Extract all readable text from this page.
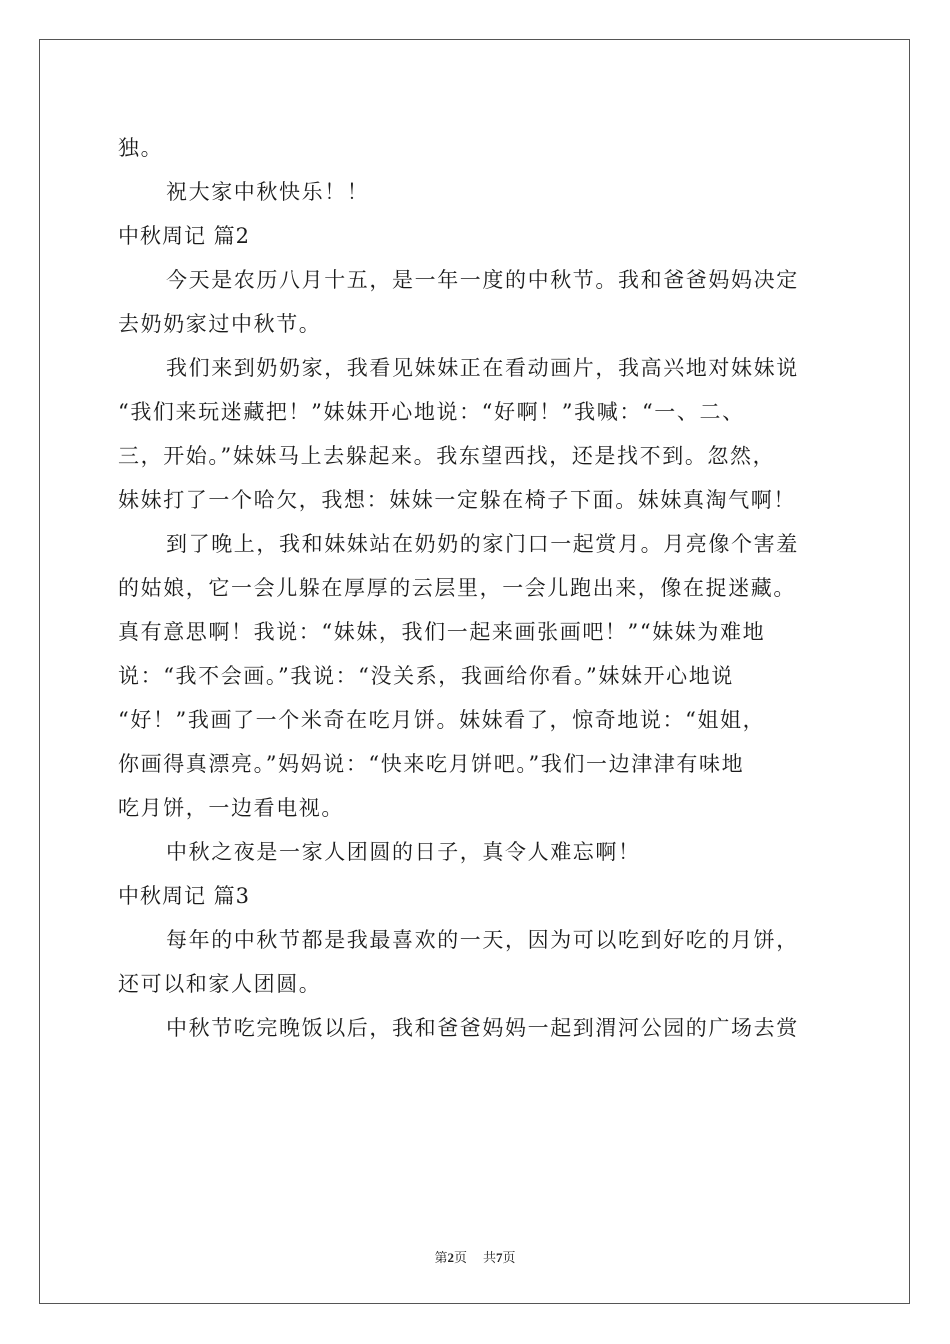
独。
祝大家中秋快乐！！
中秋周记 篇2
今天是农历八月十五，是一年一度的中秋节。我和爸爸妈妈决定
去奶奶家过中秋节。
我们来到奶奶家，我看见妹妹正在看动画片，我高兴地对妹妹说
“我们来玩迷藏把！”妹妹开心地说：“好啊！”我喊：“一、二、
三，开始。”妹妹马上去躲起来。我东望西找，还是找不到。忽然，
妹妹打了一个哈欠，我想：妹妹一定躲在椅子下面。妹妹真淘气啊！
到了晚上，我和妹妹站在奶奶的家门口一起赏月。月亮像个害羞
的姑娘，它一会儿躲在厚厚的云层里，一会儿跑出来，像在捉迷藏。
真有意思啊！我说：“妹妹，我们一起来画张画吧！”“妹妹为难地
说：“我不会画。”我说：“没关系，我画给你看。”妹妹开心地说
“好！”我画了一个米奇在吃月饼。妹妹看了，惊奇地说：“姐姐，
你画得真漂亮。”妈妈说：“快来吃月饼吧。”我们一边津津有味地
吃月饼，一边看电视。
中秋之夜是一家人团圆的日子，真令人难忘啊！
中秋周记 篇3
每年的中秋节都是我最喜欢的一天，因为可以吃到好吃的月饼，
还可以和家人团圆。
中秋节吃完晚饭以后，我和爸爸妈妈一起到渭河公园的广场去赏
第2页 共7页
